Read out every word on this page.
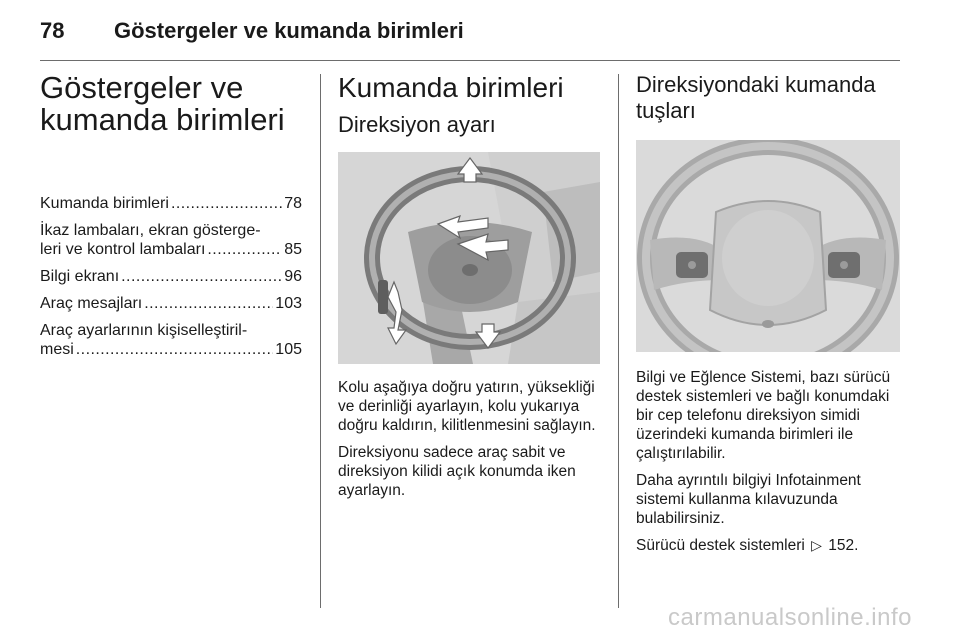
78 Göstergeler ve kumanda birimleri
Göstergeler ve
kumanda birimleri
Kumanda birimleri . . .	78
İkaz lambaları, ekran gösterge-
leri ve kontrol lambaları . . .	85
Bilgi ekranı . . .	96
Araç mesajları . . .	103
Araç ayarlarının kişiselleştiril-
mesi . . .	105
Kumanda birimleri
Direksiyon ayarı

Kolu aşağıya doğru yatırın, yüksekliği ve derinliği ayarlayın, kolu yukarıya doğru kaldırın, kilitlenmesini sağlayın.

Direksiyonu sadece araç sabit ve direksiyon kilidi açık konumda iken ayarlayın.

Direksiyondaki kumanda
tuşları

Bilgi ve Eğlence Sistemi, bazı sürücü destek sistemleri ve bağlı konumdaki bir cep telefonu direksiyon simidi üzerindeki kumanda birimleri ile çalıştırılabilir.

Daha ayrıntılı bilgiyi Infotainment sistemi kullanma kılavuzunda bulabilirsiniz.

Sürücü destek sistemleri ▷ 152.

carmanualsonline.info
